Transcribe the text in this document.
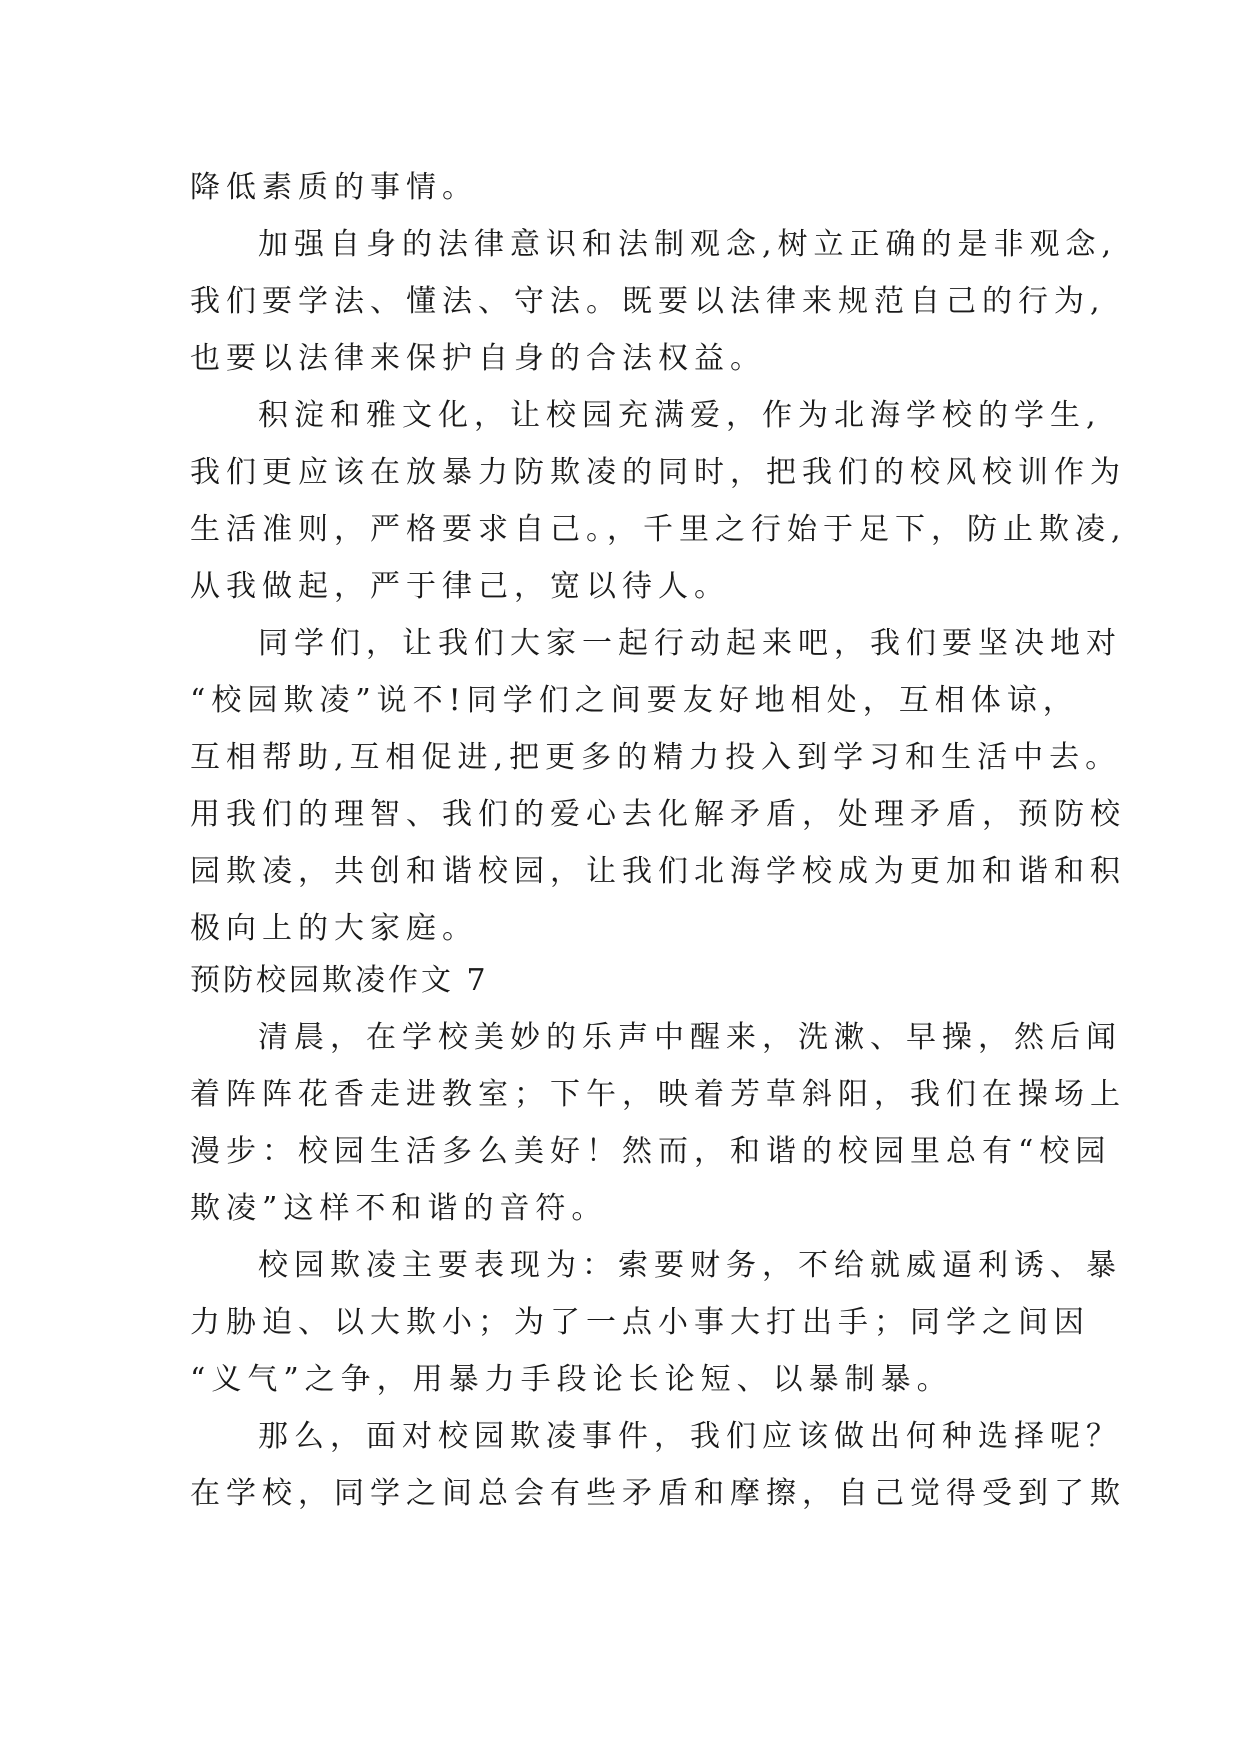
降低素质的事情。
加强自身的法律意识和法制观念,树立正确的是非观念,
我们要学法、懂法、守法。既要以法律来规范自己的行为,
也要以法律来保护自身的合法权益。
积淀和雅文化，让校园充满爱，作为北海学校的学生,
我们更应该在放暴力防欺凌的同时，把我们的校风校训作为
生活准则，严格要求自己。，千里之行始于足下，防止欺凌,
从我做起，严于律己，宽以待人。
同学们，让我们大家一起行动起来吧，我们要坚决地对
“校园欺凌”说不!同学们之间要友好地相处，互相体谅，
互相帮助,互相促进,把更多的精力投入到学习和生活中去。
用我们的理智、我们的爱心去化解矛盾，处理矛盾，预防校
园欺凌，共创和谐校园，让我们北海学校成为更加和谐和积
极向上的大家庭。
预防校园欺凌作文 7
清晨，在学校美妙的乐声中醒来，洗漱、早操，然后闻
着阵阵花香走进教室；下午，映着芳草斜阳，我们在操场上
漫步：校园生活多么美好！然而，和谐的校园里总有“校园
欺凌”这样不和谐的音符。
校园欺凌主要表现为：索要财务，不给就威逼利诱、暴
力胁迫、以大欺小；为了一点小事大打出手；同学之间因
“义气”之争，用暴力手段论长论短、以暴制暴。
那么，面对校园欺凌事件，我们应该做出何种选择呢？
在学校，同学之间总会有些矛盾和摩擦，自己觉得受到了欺
